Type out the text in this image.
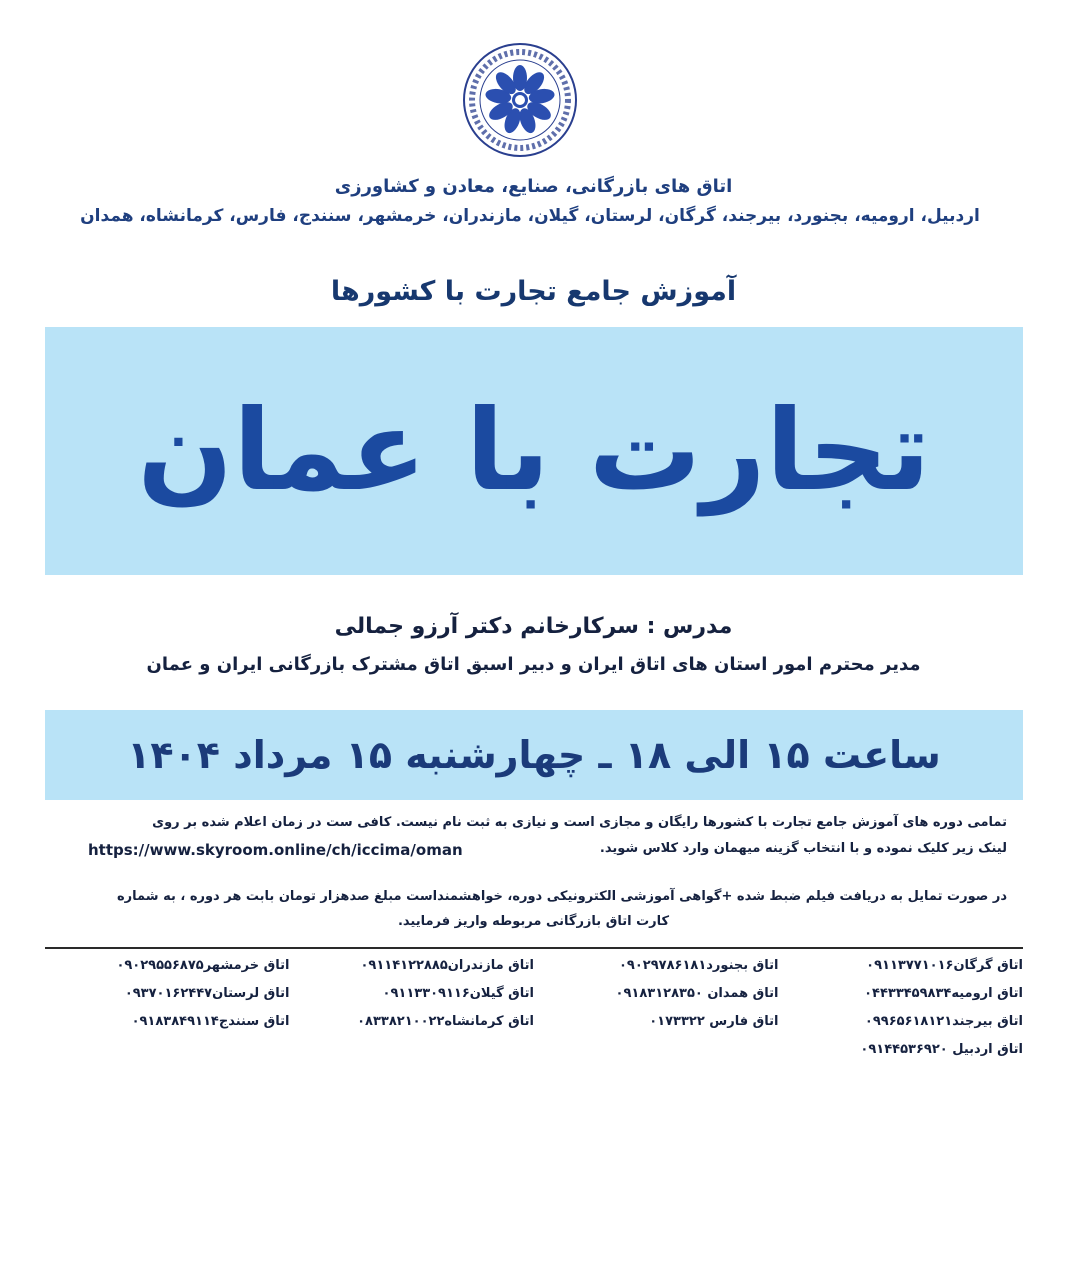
اتاق های بازرگانی، صنایع، معادن و کشاورزی
اردبیل، ارومیه، بجنورد، بیرجند، گرگان، لرستان، گیلان، مازندران، خرمشهر، سنندج، فارس، کرمانشاه، همدان
آموزش جامع تجارت با کشورها
تجارت با عمان
مدرس : سرکارخانم دکتر آرزو جمالی
مدیر محترم امور استان های اتاق ایران و دبیر اسبق اتاق مشترک بازرگانی ایران و عمان
ساعت ۱۵ الی ۱۸ ـ چهارشنبه ۱۵ مرداد ۱۴۰۴
تمامی دوره های آموزش جامع تجارت با کشورها رایگان و مجازی است و نیازی به ثبت نام نیست. کافی ست در زمان اعلام شده بر روی
لینک زیر کلیک نموده و با انتخاب گزینه میهمان وارد کلاس شوید.
https://www.skyroom.online/ch/iccima/oman
در صورت تمایل به دریافت فیلم ضبط شده +گواهی آموزشی الکترونیکی دوره، خواهشمنداست مبلغ صدهزار تومان بابت هر دوره ، به شماره
کارت اتاق بازرگانی مربوطه واریز فرمایید.
اتاق گرگان۰۹۱۱۳۷۷۱۰۱۶
اتاق ارومیه۰۴۴۳۳۴۵۹۸۳۴
اتاق بیرجند۰۹۹۶۵۶۱۸۱۲۱
اتاق اردبیل ۰۹۱۴۴۵۳۶۹۲۰
اتاق بجنورد۰۹۰۲۹۷۸۶۱۸۱
اتاق همدان ۰۹۱۸۳۱۲۸۳۵۰
اتاق فارس ۰۱۷۳۳۲۲
اتاق مازندران۰۹۱۱۴۱۲۲۸۸۵
اتاق گیلان۰۹۱۱۳۳۰۹۱۱۶
اتاق کرمانشاه۰۸۳۳۸۲۱۰۰۲۲
اتاق خرمشهر۰۹۰۲۹۵۵۶۸۷۵
اتاق لرستان۰۹۳۷۰۱۶۲۴۴۷
اتاق سنندج۰۹۱۸۳۸۴۹۱۱۴
